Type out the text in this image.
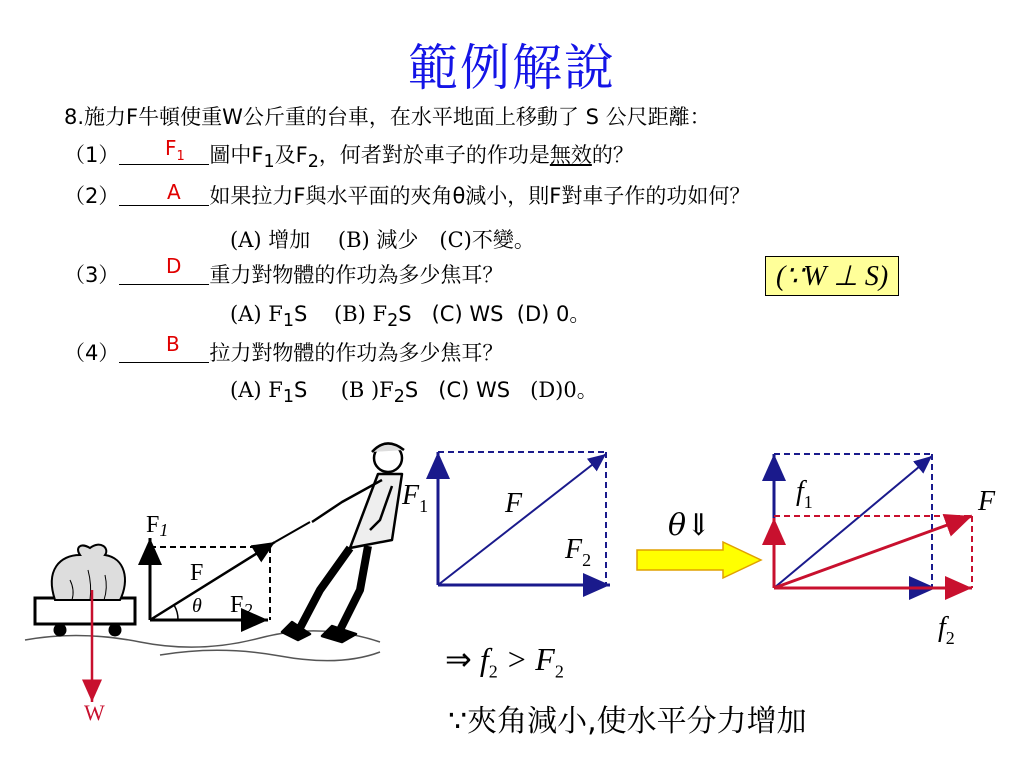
範例解說
8.施力F牛頓使重W公斤重的台車，在水平地面上移動了 S 公尺距離：
（1）	圖中$F_1$及$F_2$，何者對於車子的作功是無效的？
$F_1$
（2）	如果拉力F與水平面的夾角θ減小，則F對車子作的功如何？
A
(A) 增加　 (B) 減少　(C)不變。
（3）	重力對物體的作功為多少焦耳？
D
(A) $F_1S$ (B) $F_2S$ (C) WS (D) 0。
(∵W ⊥ S)
（4）	拉力對物體的作功為多少焦耳？
B
(A) $F_1S$ (B )$F_2S$ (C) WS (D)0。
F1
F
θ F2
W
$F_1$	F
$F_2$
θ⇓
$f_1$	F
$f_2$
⇒ $f_2 > F_2$
∵夾角減小,使水平分力增加
